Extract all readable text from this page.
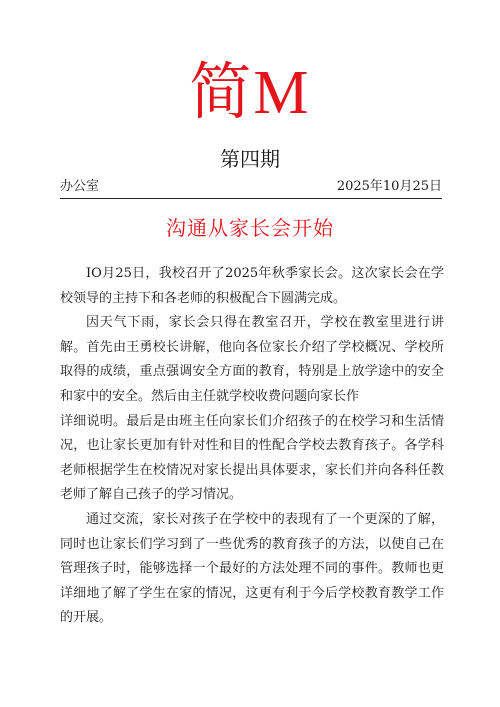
简M
第四期
办公室	2025年10月25日
沟通从家长会开始

IO月25日，我校召开了2025年秋季家长会。这次家长会在学校领导的主持下和各老师的积极配合下圆满完成。

因天气下雨，家长会只得在教室召开，学校在教室里进行讲解。首先由王勇校长讲解，他向各位家长介绍了学校概况、学校所取得的成绩，重点强调安全方面的教育，特别是上放学途中的安全和家中的安全。然后由主任就学校收费问题向家长作

详细说明。最后是由班主任向家长们介绍孩子的在校学习和生活情况，也让家长更加有针对性和目的性配合学校去教育孩子。各学科老师根据学生在校情况对家长提出具体要求，家长们并向各科任教老师了解自己孩子的学习情况。

通过交流，家长对孩子在学校中的表现有了一个更深的了解，同时也让家长们学习到了一些优秀的教育孩子的方法，以使自己在管理孩子时，能够选择一个最好的方法处理不同的事件。教师也更详细地了解了学生在家的情况，这更有利于今后学校教育教学工作的开展。
